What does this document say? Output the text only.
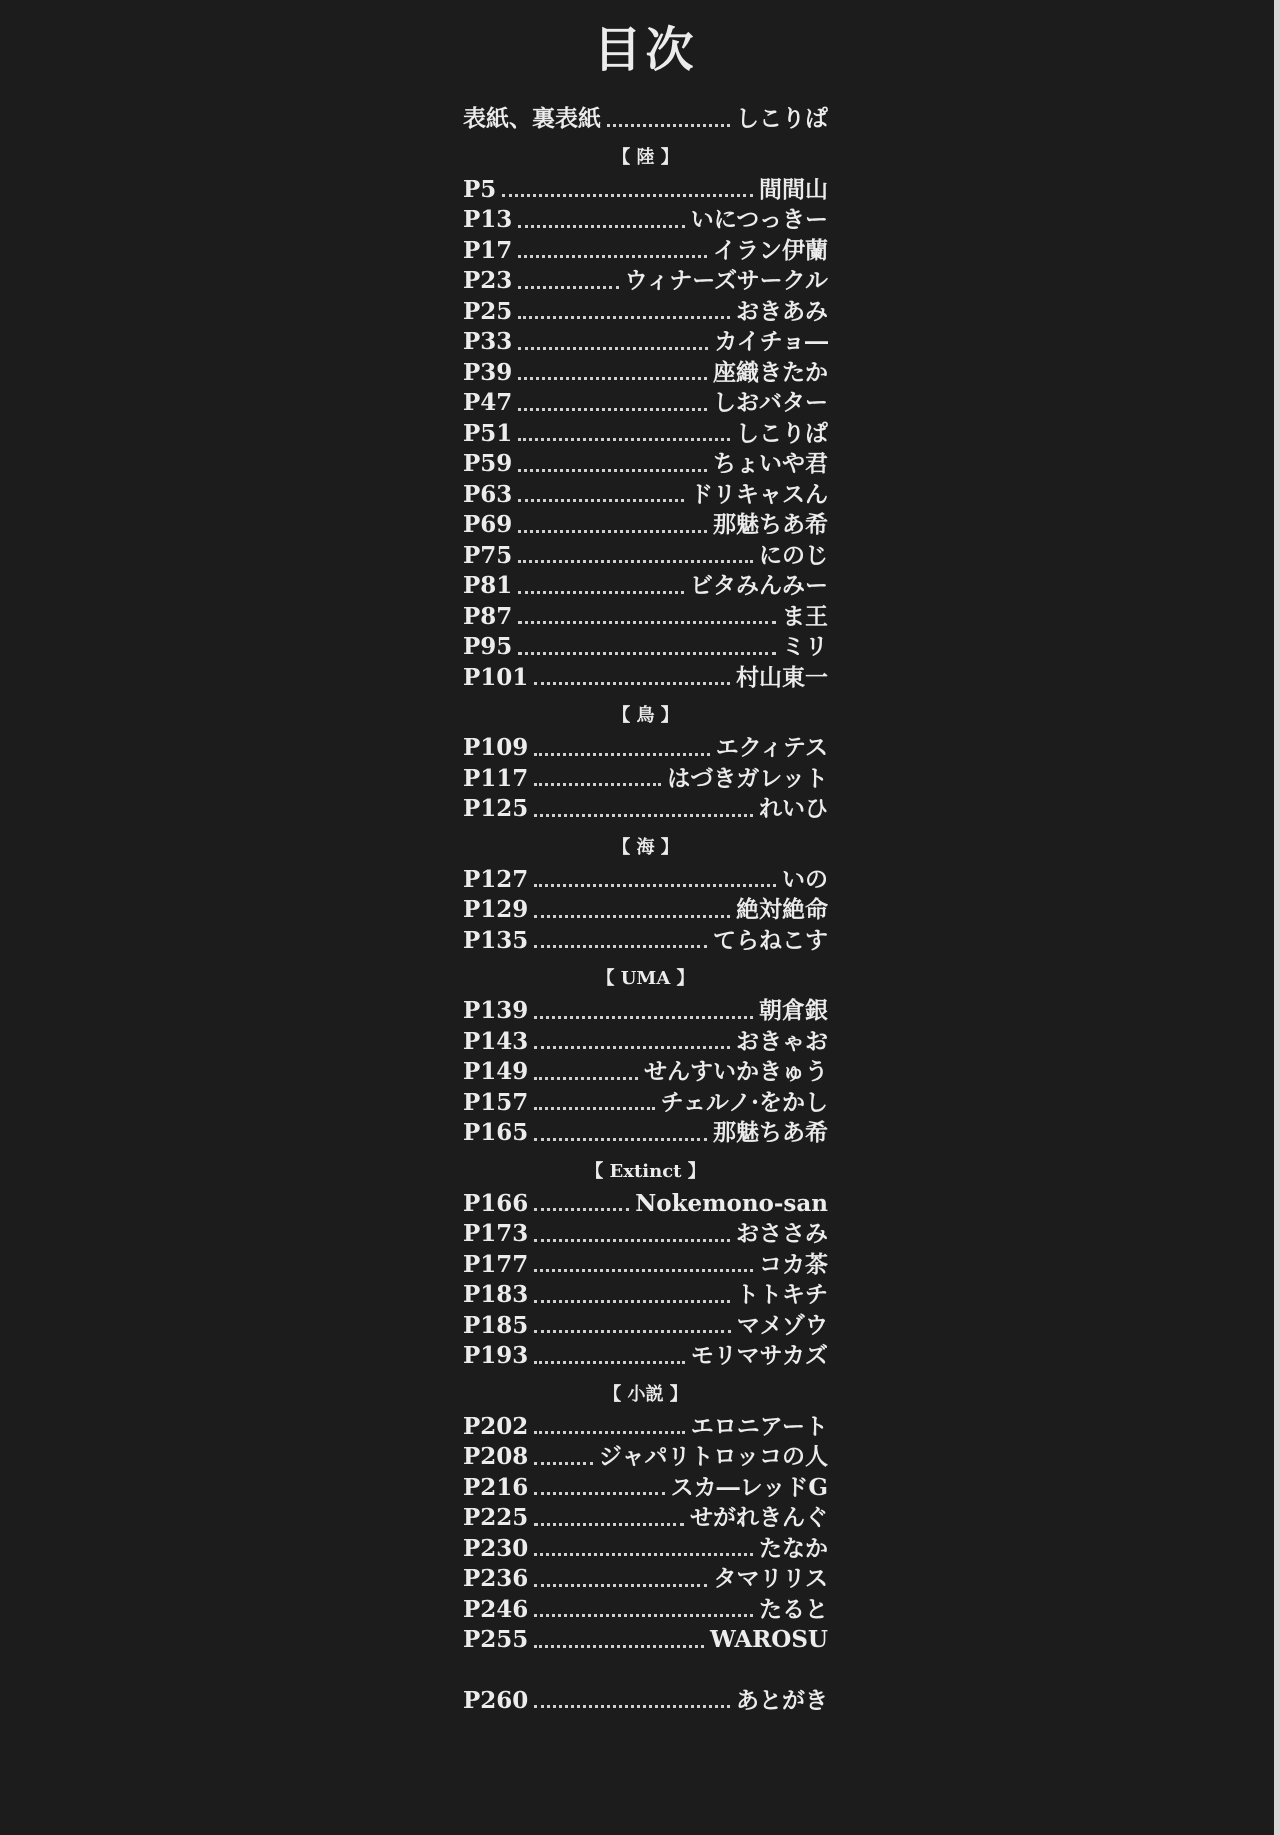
目次
表紙、裏表紙	しこりぱ
【 陸 】
P5	間間山
P13	いにつっきー
P17	イラン伊蘭
P23	ウィナーズサークル
P25	おきあみ
P33	カイチョ―
P39	座織きたか
P47	しおバター
P51	しこりぱ
P59	ちょいや君
P63	ドリキャスん
P69	那魅ちあ希
P75	にのじ
P81	ビタみんみー
P87	ま王
P95	ミリ
P101	村山東一
【 鳥 】
P109	エクィテス
P117	はづきガレット
P125	れいひ
【 海 】
P127	いの
P129	絶対絶命
P135	てらねこす
【 UMA 】
P139	朝倉銀
P143	おきゃお
P149	せんすいかきゅう
P157	チェルノ·をかし
P165	那魅ちあ希
【 Extinct 】
P166	Nokemono-san
P173	おささみ
P177	コカ茶
P183	トトキチ
P185	マメゾウ
P193	モリマサカズ
【 小説 】
P202	エロニアート
P208	ジャパリトロッコの人
P216	スカ―レッドG
P225	せがれきんぐ
P230	たなか
P236	タマリリス
P246	たると
P255	WAROSU
P260	あとがき
